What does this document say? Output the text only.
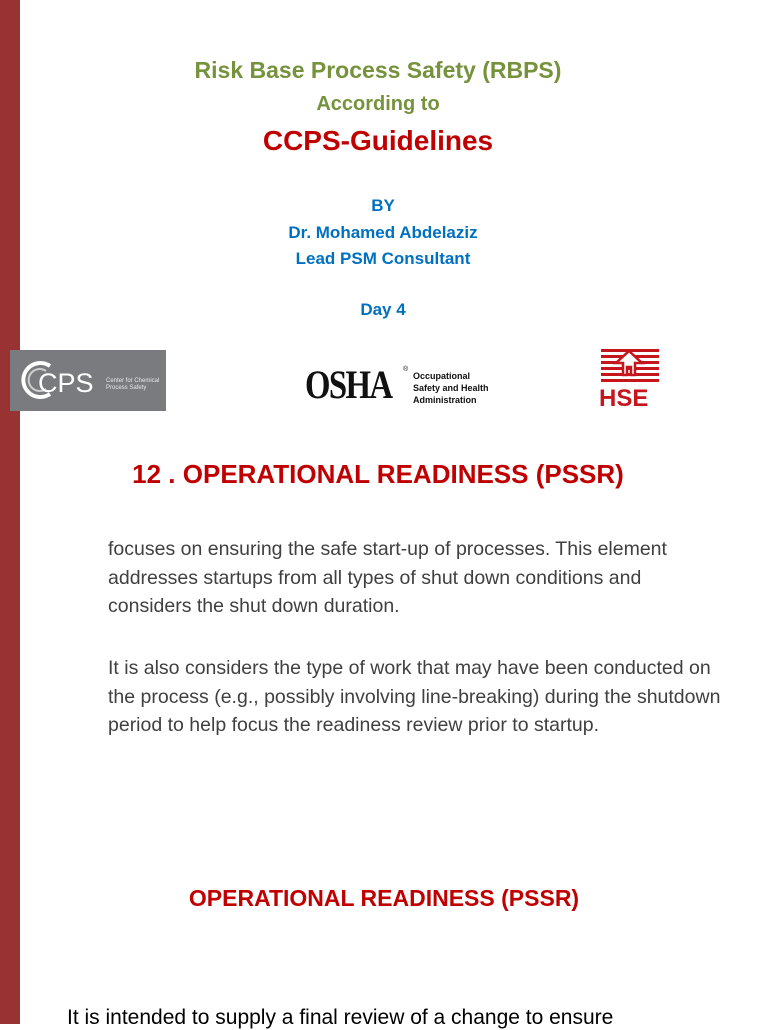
Risk Base Process Safety (RBPS)
According to
CCPS-Guidelines
BY
Dr. Mohamed Abdelaziz
Lead PSM Consultant
Day 4
CPS Center for Chemical
Process Safety	OSHA ®
Occupational
Safety and Health
Administration	HSE
12 . OPERATIONAL READINESS (PSSR)
focuses on ensuring the safe start-up of processes. This element addresses startups from all types of shut down conditions and considers the shut down duration.
It is also considers the type of work that may have been conducted on the process (e.g., possibly involving line-breaking) during the shutdown period to help focus the readiness review prior to startup.
OPERATIONAL READINESS (PSSR)
It is intended to supply a final review of a change to ensure
